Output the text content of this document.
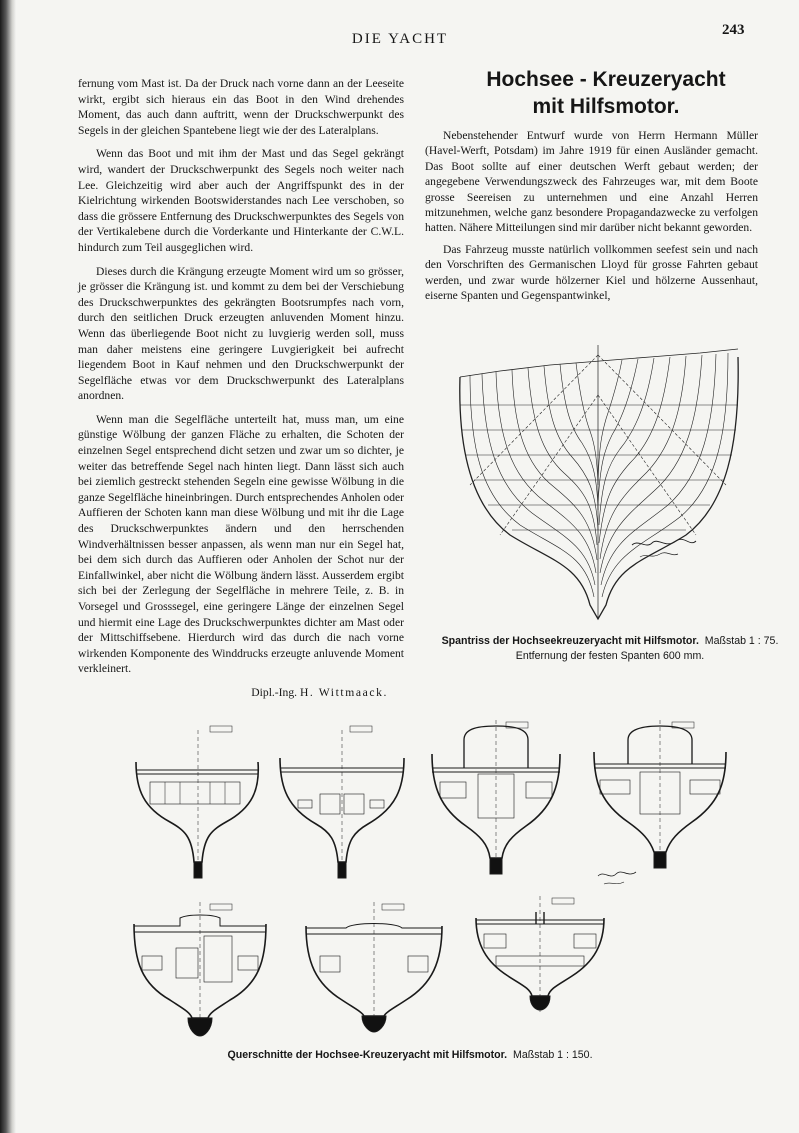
DIE YACHT
243

fernung vom Mast ist. Da der Druck nach vorne dann an der Leeseite wirkt, ergibt sich hieraus ein das Boot in den Wind drehendes Moment, das auch dann auftritt, wenn der Druckschwerpunkt des Segels in der gleichen Spantebene liegt wie der des Lateralplans.

Wenn das Boot und mit ihm der Mast und das Segel gekrängt wird, wandert der Druckschwerpunkt des Segels noch weiter nach Lee. Gleichzeitig wird aber auch der Angriffspunkt des in der Kielrichtung wirkenden Bootswiderstandes nach Lee verschoben, so dass die grössere Entfernung des Druckschwerpunktes des Segels von der Vertikalebene durch die Vorderkante und Hinterkante der C.W.L. hindurch zum Teil ausgeglichen wird.

Dieses durch die Krängung erzeugte Moment wird um so grösser, je grösser die Krängung ist. und kommt zu dem bei der Verschiebung des Druckschwerpunktes des gekrängten Bootsrumpfes nach vorn, durch den seitlichen Druck erzeugten anluvenden Moment hinzu. Wenn das überliegende Boot nicht zu luvgierig werden soll, muss man daher meistens eine geringere Luvgierigkeit bei aufrecht liegendem Boot in Kauf nehmen und den Druckschwerpunkt der Segelfläche etwas vor dem Druckschwerpunkt des Lateralplans anordnen.

Wenn man die Segelfläche unterteilt hat, muss man, um eine günstige Wölbung der ganzen Fläche zu erhalten, die Schoten der einzelnen Segel entsprechend dicht setzen und zwar um so dichter, je weiter das betreffende Segel nach hinten liegt. Dann lässt sich auch bei ziemlich gestreckt stehenden Segeln eine gewisse Wölbung in die ganze Segelfläche hineinbringen. Durch entsprechendes Anholen oder Auffieren der Schoten kann man diese Wölbung und mit ihr die Lage des Druckschwerpunktes ändern und den herrschenden Windverhältnissen besser anpassen, als wenn man nur ein Segel hat, bei dem sich durch das Auffieren oder Anholen der Schot nur der Einfallwinkel, aber nicht die Wölbung ändern lässt. Ausserdem ergibt sich bei der Zerlegung der Segelfläche in mehrere Teile, z. B. in Vorsegel und Grosssegel, eine geringere Länge der einzelnen Segel und hiermit eine Lage des Druckschwerpunktes dichter am Mast oder der Mittschiffsebene. Hierdurch wird das durch die nach vorne wirkenden Komponente des Winddrucks erzeugte anluvende Moment verkleinert.

Dipl.-Ing. H. Wittmaack.
Hochsee - Kreuzeryacht
mit Hilfsmotor.

Nebenstehender Entwurf wurde von Herrn Hermann Müller (Havel-Werft, Potsdam) im Jahre 1919 für einen Ausländer gemacht. Das Boot sollte auf einer deutschen Werft gebaut werden; der angegebene Verwendungszweck des Fahrzeuges war, mit dem Boote grosse Seereisen zu unternehmen und eine Anzahl Herren mitzunehmen, welche ganz besondere Propagandazwecke zu verfolgen hatten. Nähere Mitteilungen sind mir darüber nicht bekannt geworden.

Das Fahrzeug musste natürlich vollkommen seefest sein und nach den Vorschriften des Germanischen Lloyd für grosse Fahrten gebaut werden, und zwar wurde hölzerner Kiel und hölzerne Aussenhaut, eiserne Spanten und Gegenspantwinkel,

Spantriss der Hochseekreuzeryacht mit Hilfsmotor. Maßstab 1 : 75.
Entfernung der festen Spanten 600 mm.
Querschnitte der Hochsee-Kreuzeryacht mit Hilfsmotor. Maßstab 1 : 150.
